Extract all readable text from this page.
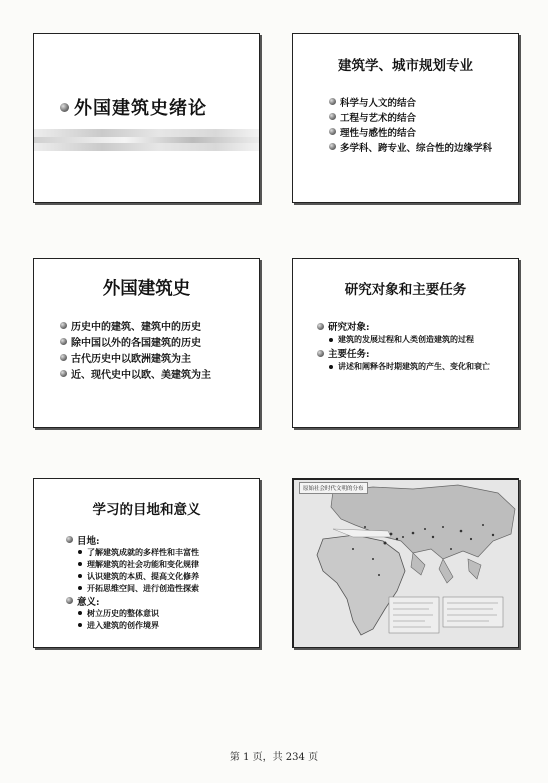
外国建筑史绪论
建筑学、城市规划专业
科学与人文的结合
工程与艺术的结合
理性与感性的结合
多学科、跨专业、综合性的边缘学科
外国建筑史
历史中的建筑、建筑中的历史
除中国以外的各国建筑的历史
古代历史中以欧洲建筑为主
近、现代史中以欧、美建筑为主
研究对象和主要任务
研究对象:
建筑的发展过程和人类创造建筑的过程
主要任务:
讲述和阐释各时期建筑的产生、变化和衰亡
学习的目地和意义
目地:
了解建筑成就的多样性和丰富性
理解建筑的社会功能和变化规律
认识建筑的本质、提高文化修养
开拓思维空间、进行创造性探索
意义:
树立历史的整体意识
进入建筑的创作境界
原始社会时代文明的分布
第 1 页，共 234 页
